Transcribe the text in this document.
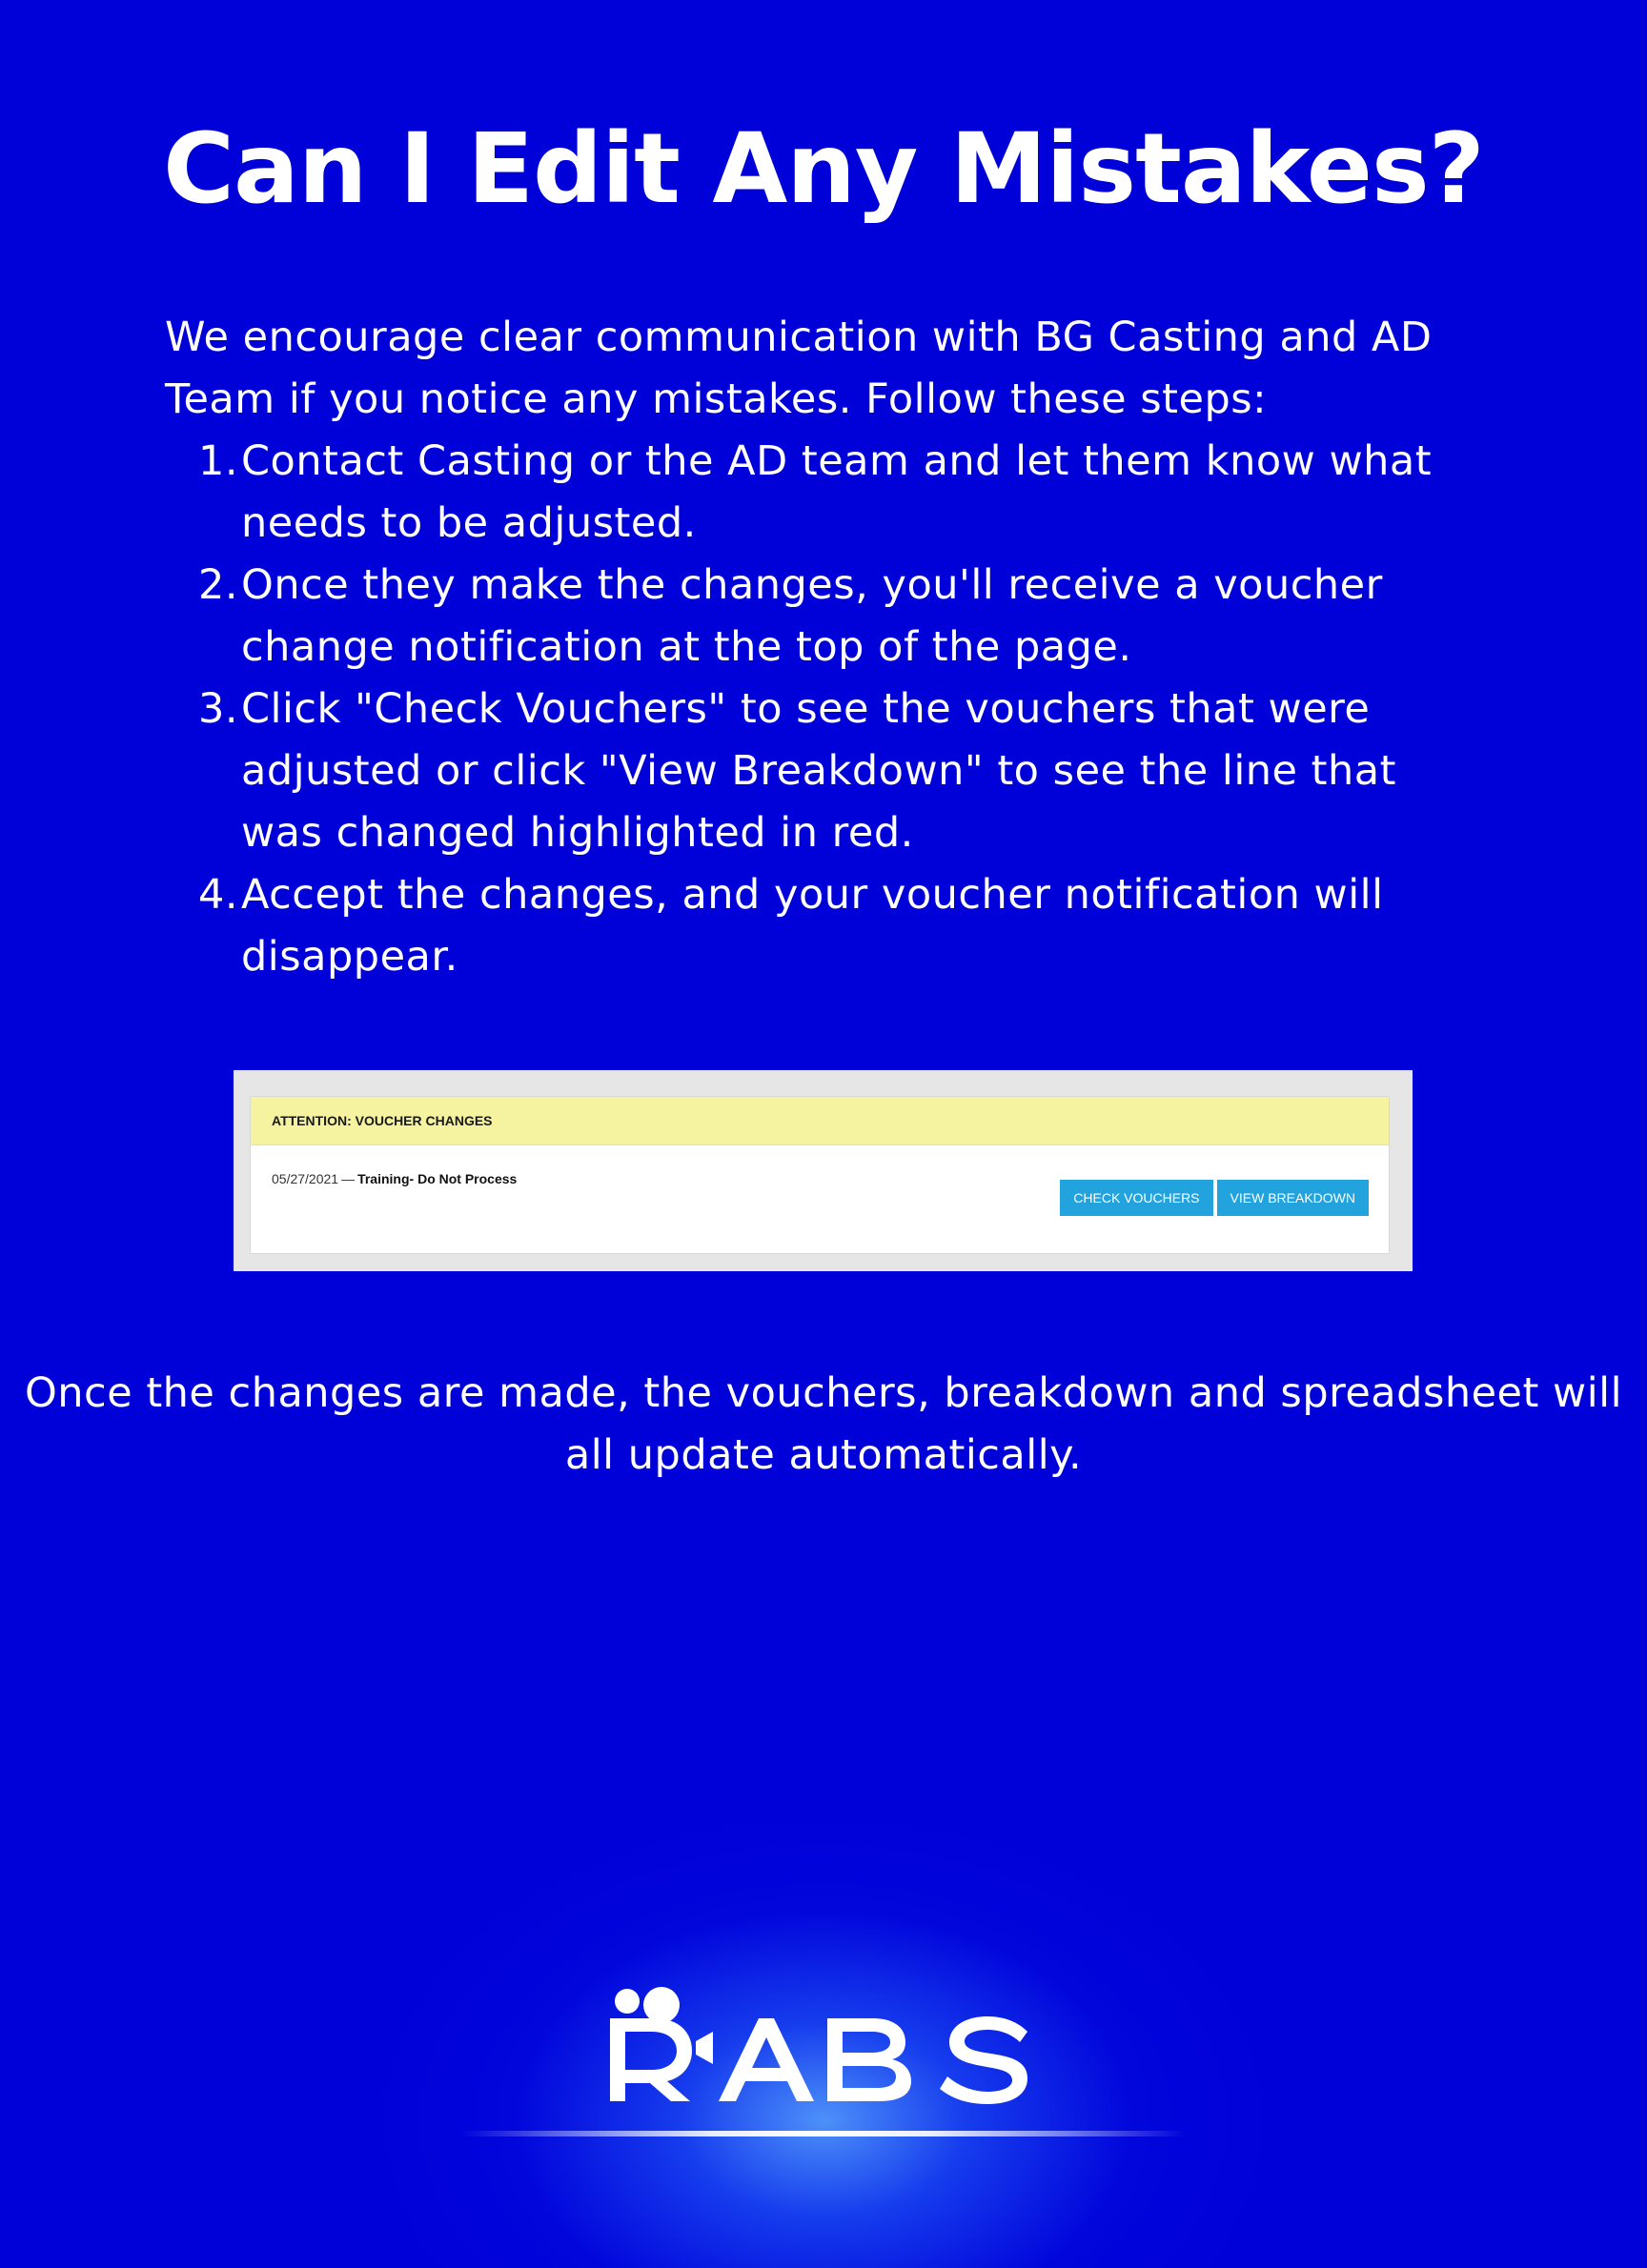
Can I Edit Any Mistakes?

We encourage clear communication with BG Casting and AD Team if you notice any mistakes. Follow these steps:

1. Contact Casting or the AD team and let them know what needs to be adjusted.
2. Once they make the changes, you'll receive a voucher change notification at the top of the page.
3. Click "Check Vouchers" to see the vouchers that were adjusted or click "View Breakdown" to see the line that was changed highlighted in red.
4. Accept the changes, and your voucher notification will disappear.
ATTENTION: VOUCHER CHANGES
05/27/2021 — Training- Do Not Process
CHECK VOUCHERS	VIEW BREAKDOWN

Once the changes are made, the vouchers, breakdown and spreadsheet will all update automatically.
